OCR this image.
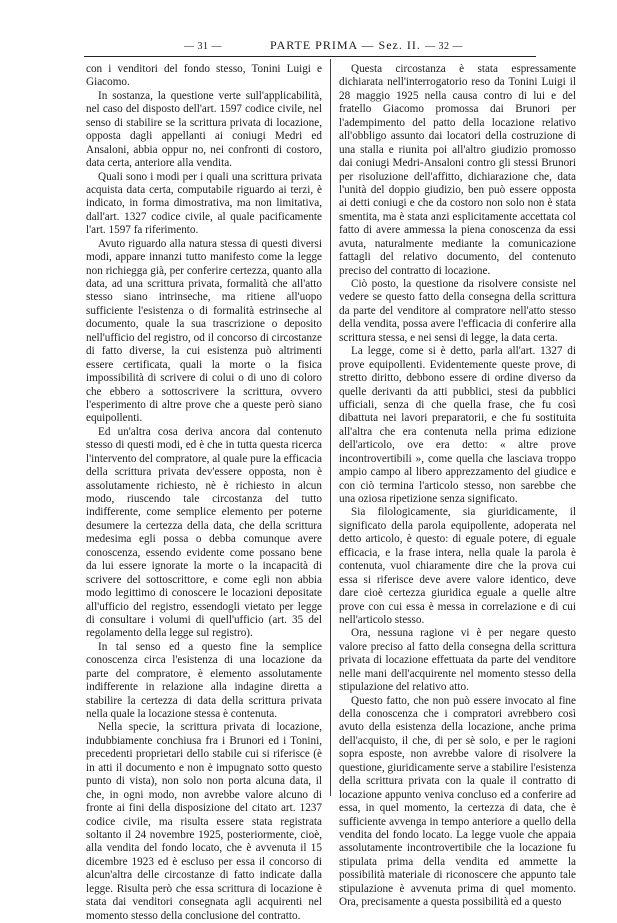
— 31 —	PARTE PRIMA — Sez. II. — 32 —

con i venditori del fondo stesso, Tonini Luigi e Giacomo.

In sostanza, la questione verte sull'applicabilità, nel caso del disposto dell'art. 1597 codice civile, nel senso di stabilire se la scrittura privata di locazione, opposta dagli appellanti ai coniugi Medri ed Ansaloni, abbia oppur no, nei confronti di costoro, data certa, anteriore alla vendita.

Quali sono i modi per i quali una scrittura privata acquista data certa, computabile riguardo ai terzi, è indicato, in forma dimostrativa, ma non limitativa, dall'art. 1327 codice civile, al quale pacificamente l'art. 1597 fa riferimento.

Avuto riguardo alla natura stessa di questi diversi modi, appare innanzi tutto manifesto come la legge non richiegga già, per conferire certezza, quanto alla data, ad una scrittura privata, formalità che all'atto stesso siano intrinseche, ma ritiene all'uopo sufficiente l'esistenza o di formalità estrinseche al documento, quale la sua trascrizione o deposito nell'ufficio del registro, od il concorso di circostanze di fatto diverse, la cui esistenza può altrimenti essere certificata, quali la morte o la fisica impossibilità di scrivere di colui o di uno di coloro che ebbero a sottoscrivere la scrittura, ovvero l'esperimento di altre prove che a queste però siano equipollenti.

Ed un'altra cosa deriva ancora dal contenuto stesso di questi modi, ed è che in tutta questa ricerca l'intervento del compratore, al quale pure la efficacia della scrittura privata dev'essere opposta, non è assolutamente richiesto, nè è richiesto in alcun modo, riuscendo tale circostanza del tutto indifferente, come semplice elemento per poterne desumere la certezza della data, che della scrittura medesima egli possa o debba comunque avere conoscenza, essendo evidente come possano bene da lui essere ignorate la morte o la incapacità di scrivere del sottoscrittore, e come egli non abbia modo legittimo di conoscere le locazioni depositate all'ufficio del registro, essendogli vietato per legge di consultare i volumi di quell'ufficio (art. 35 del regolamento della legge sul registro).

In tal senso ed a questo fine la semplice conoscenza circa l'esistenza di una locazione da parte del compratore, è elemento assolutamente indifferente in relazione alla indagine diretta a stabilire la certezza di data della scrittura privata nella quale la locazione stessa è contenuta.

Nella specie, la scrittura privata di locazione, indubbiamente conchiusa fra i Brunori ed i Tonini, precedenti proprietari dello stabile cui si riferisce (è in atti il documento e non è impugnato sotto questo punto di vista), non solo non porta alcuna data, il che, in ogni modo, non avrebbe valore alcuno di fronte ai fini della disposizione del citato art. 1237 codice civile, ma risulta essere stata registrata soltanto il 24 novembre 1925, posteriormente, cioè, alla vendita del fondo locato, che è avvenuta il 15 dicembre 1923 ed è escluso per essa il concorso di alcun'altra delle circostanze di fatto indicate dalla legge. Risulta però che essa scrittura di locazione è stata dai venditori consegnata agli acquirenti nel momento stesso della conclusione del contratto.

Questa circostanza è stata espressamente dichiarata nell'interrogatorio reso da Tonini Luigi il 28 maggio 1925 nella causa contro di lui e del fratello Giacomo promossa dai Brunori per l'adempimento del patto della locazione relativo all'obbligo assunto dai locatori della costruzione di una stalla e riunita poi all'altro giudizio promosso dai coniugi Medri-Ansaloni contro gli stessi Brunori per risoluzione dell'affitto, dichiarazione che, data l'unità del doppio giudizio, ben può essere opposta ai detti coniugi e che da costoro non solo non è stata smentita, ma è stata anzi esplicitamente accettata col fatto di avere ammessa la piena conoscenza da essi avuta, naturalmente mediante la comunicazione fattagli del relativo documento, del contenuto preciso del contratto di locazione.

Ciò posto, la questione da risolvere consiste nel vedere se questo fatto della consegna della scrittura da parte del venditore al compratore nell'atto stesso della vendita, possa avere l'efficacia di conferire alla scrittura stessa, e nei sensi di legge, la data certa.

La legge, come si è detto, parla all'art. 1327 di prove equipollenti. Evidentemente queste prove, di stretto diritto, debbono essere di ordine diverso da quelle derivanti da atti pubblici, stesi da pubblici ufficiali, senza di che quella frase, che fu così dibattuta nei lavori preparatorii, e che fu sostituita all'altra che era contenuta nella prima edizione dell'articolo, ove era detto: « altre prove incontrovertibili », come quella che lasciava troppo ampio campo al libero apprezzamento del giudice e con ciò termina l'articolo stesso, non sarebbe che una oziosa ripetizione senza significato.

Sia filologicamente, sia giuridicamente, il significato della parola equipollente, adoperata nel detto articolo, è questo: di eguale potere, di eguale efficacia, e la frase intera, nella quale la parola è contenuta, vuol chiaramente dire che la prova cui essa si riferisce deve avere valore identico, deve dare cioè certezza giuridica eguale a quelle altre prove con cui essa è messa in correlazione e di cui nell'articolo stesso.

Ora, nessuna ragione vi è per negare questo valore preciso al fatto della consegna della scrittura privata di locazione effettuata da parte del venditore nelle mani dell'acquirente nel momento stesso della stipulazione del relativo atto.

Questo fatto, che non può essere invocato al fine della conoscenza che i compratori avrebbero così avuto della esistenza della locazione, anche prima dell'acquisto, il che, di per sè solo, e per le ragioni sopra esposte, non avrebbe valore di risolvere la questione, giuridicamente serve a stabilire l'esistenza della scrittura privata con la quale il contratto di locazione appunto veniva concluso ed a conferire ad essa, in quel momento, la certezza di data, che è sufficiente avvenga in tempo anteriore a quello della vendita del fondo locato. La legge vuole che appaia assolutamente incontrovertibile che la locazione fu stipulata prima della vendita ed ammette la possibilità materiale di riconoscere che appunto tale stipulazione è avvenuta prima di quel momento. Ora, precisamente a questa possibilità ed a questo
